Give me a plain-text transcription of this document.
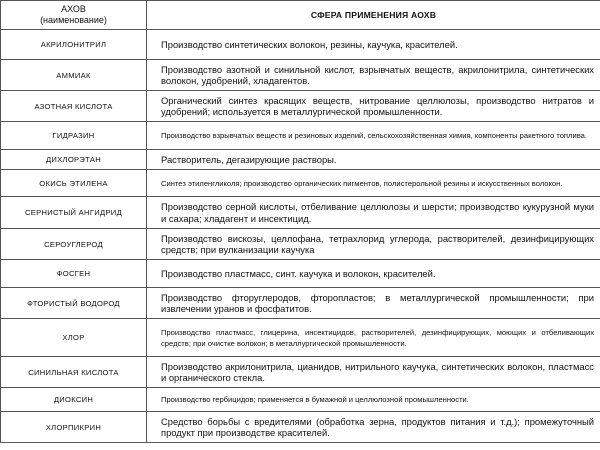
АХОВ
(наименование)	СФЕРА ПРИМЕНЕНИЯ АОХВ
АКРИЛОНИТРИЛ	Производство синтетических волокон, резины, каучука, красителей.
АММИАК	Производство азотной и синильной кислот, взрывчатых веществ, акрилонитрила, синтетических волокон, удобрений, хладагентов.
АЗОТНАЯ КИСЛОТА	Органический синтез красящих веществ, нитрование целлюлозы, производство нитратов и удобрений; используется в металлургической промышленности.
ГИДРАЗИН	Производство взрывчатых веществ и резиновых изделий, сельскохозяйственная химия, компоненты ракетного топлива.
ДИХЛОРЭТАН	Растворитель, дегазирующие растворы.
ОКИСЬ ЭТИЛЕНА	Синтез этиленгликоля; производство органических пигментов, полистерольной резины и искусственных волокон.
СЕРНИСТЫЙ АНГИДРИД	Производство серной кислоты, отбеливание целлюлозы и шерсти; производство кукурузной муки и сахара; хладагент и инсектицид.
СЕРОУГЛЕРОД	Производство вискозы, целлофана, тетрахлорид углерода, растворителей, дезинфицирующих средств; при вулканизации каучука
ФОСГЕН	Производство пластмасс, синт. каучука и волокон, красителей.
ФТОРИСТЫЙ ВОДОРОД	Производство фторуглеродов, фторопластов; в металлургической промышленности; при извлечении уранов и фосфатитов.
ХЛОР	Производство пластмасс, глицерина, инсектицидов, растворителей, дезинфицирующих, моющих и отбеливающих средств; при очистке волокон; в металлургической промышленности.
СИНИЛЬНАЯ КИСЛОТА	Производство акрилонитрила, цианидов, нитрильного каучука, синтетических волокон, пластмасс и органического стекла.
ДИОКСИН	Производство гербицидов; применяется в бумажной и целлюлозной промышленности.
ХЛОРПИКРИН	Средство борьбы с вредителями (обработка зерна, продуктов питания и т.д.); промежуточный продукт при производстве красителей.
